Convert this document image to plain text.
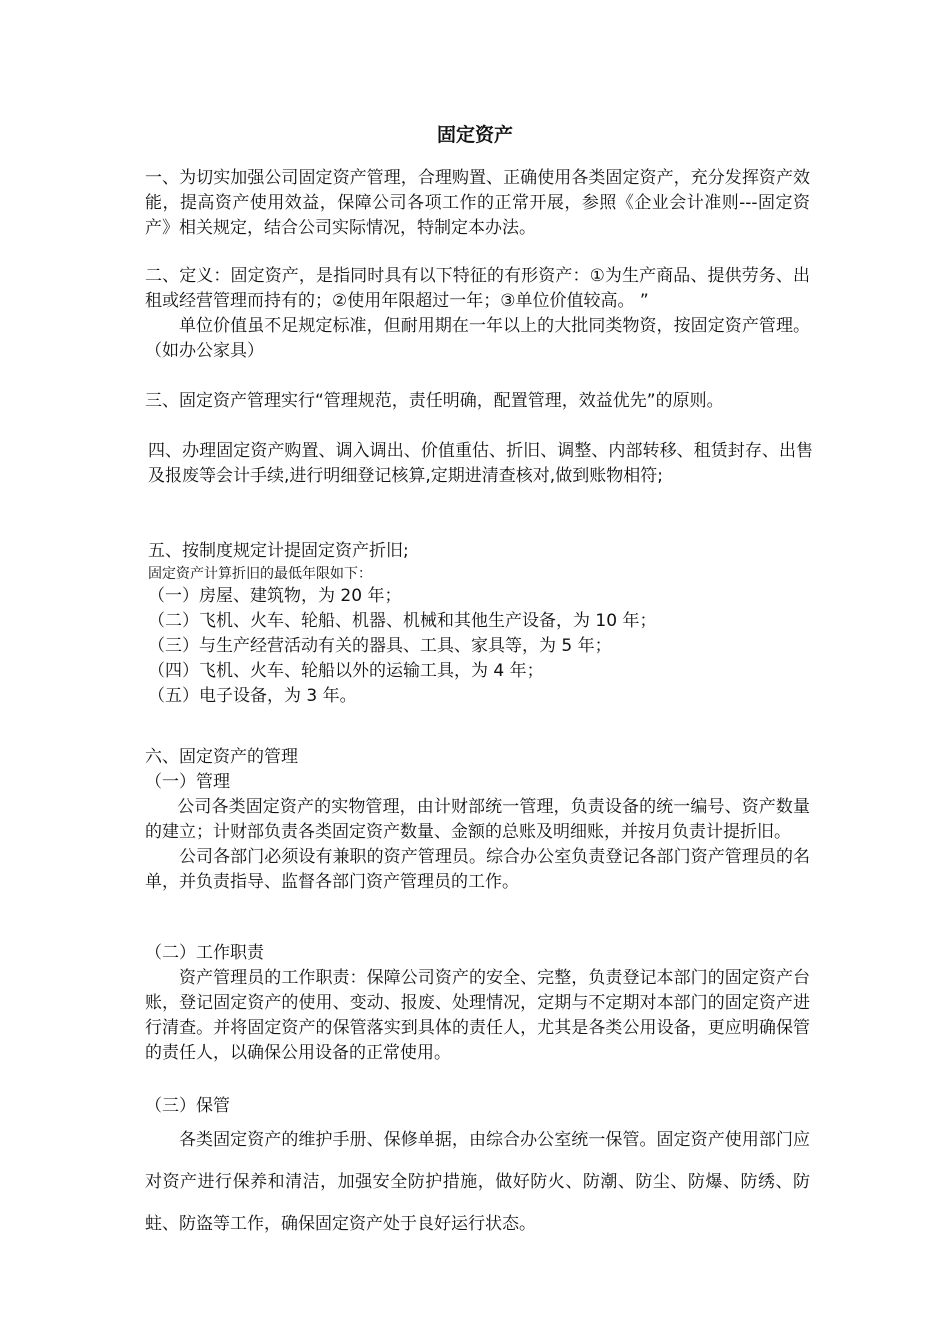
固定资产

一、为切实加强公司固定资产管理，合理购置、正确使用各类固定资产，充分发挥资产效能，提高资产使用效益，保障公司各项工作的正常开展，参照《企业会计准则---固定资产》相关规定，结合公司实际情况，特制定本办法。

二、定义：固定资产，是指同时具有以下特征的有形资产：①为生产商品、提供劳务、出租或经营管理而持有的；②使用年限超过一年；③单位价值较高。 ”

单位价值虽不足规定标准，但耐用期在一年以上的大批同类物资，按固定资产管理。（如办公家具）

三、固定资产管理实行“管理规范，责任明确，配置管理，效益优先”的原则。

四、办理固定资产购置、调入调出、价值重估、折旧、调整、内部转移、租赁封存、出售及报废等会计手续,进行明细登记核算,定期进清查核对,做到账物相符;

五、按制度规定计提固定资产折旧;

固定资产计算折旧的最低年限如下：

（一）房屋、建筑物，为 20 年；

（二）飞机、火车、轮船、机器、机械和其他生产设备，为 10 年；

（三）与生产经营活动有关的器具、工具、家具等，为 5 年；

（四）飞机、火车、轮船以外的运输工具，为 4 年；

（五）电子设备，为 3 年。

六、固定资产的管理

（一）管理

公司各类固定资产的实物管理，由计财部统一管理，负责设备的统一编号、资产数量的建立；计财部负责各类固定资产数量、金额的总账及明细账，并按月负责计提折旧。

公司各部门必须设有兼职的资产管理员。综合办公室负责登记各部门资产管理员的名单，并负责指导、监督各部门资产管理员的工作。

（二）工作职责

资产管理员的工作职责：保障公司资产的安全、完整，负责登记本部门的固定资产台账，登记固定资产的使用、变动、报废、处理情况，定期与不定期对本部门的固定资产进行清查。并将固定资产的保管落实到具体的责任人，尤其是各类公用设备，更应明确保管的责任人，以确保公用设备的正常使用。

（三）保管

各类固定资产的维护手册、保修单据，由综合办公室统一保管。固定资产使用部门应对资产进行保养和清洁，加强安全防护措施，做好防火、防潮、防尘、防爆、防绣、防蛀、防盗等工作，确保固定资产处于良好运行状态。
